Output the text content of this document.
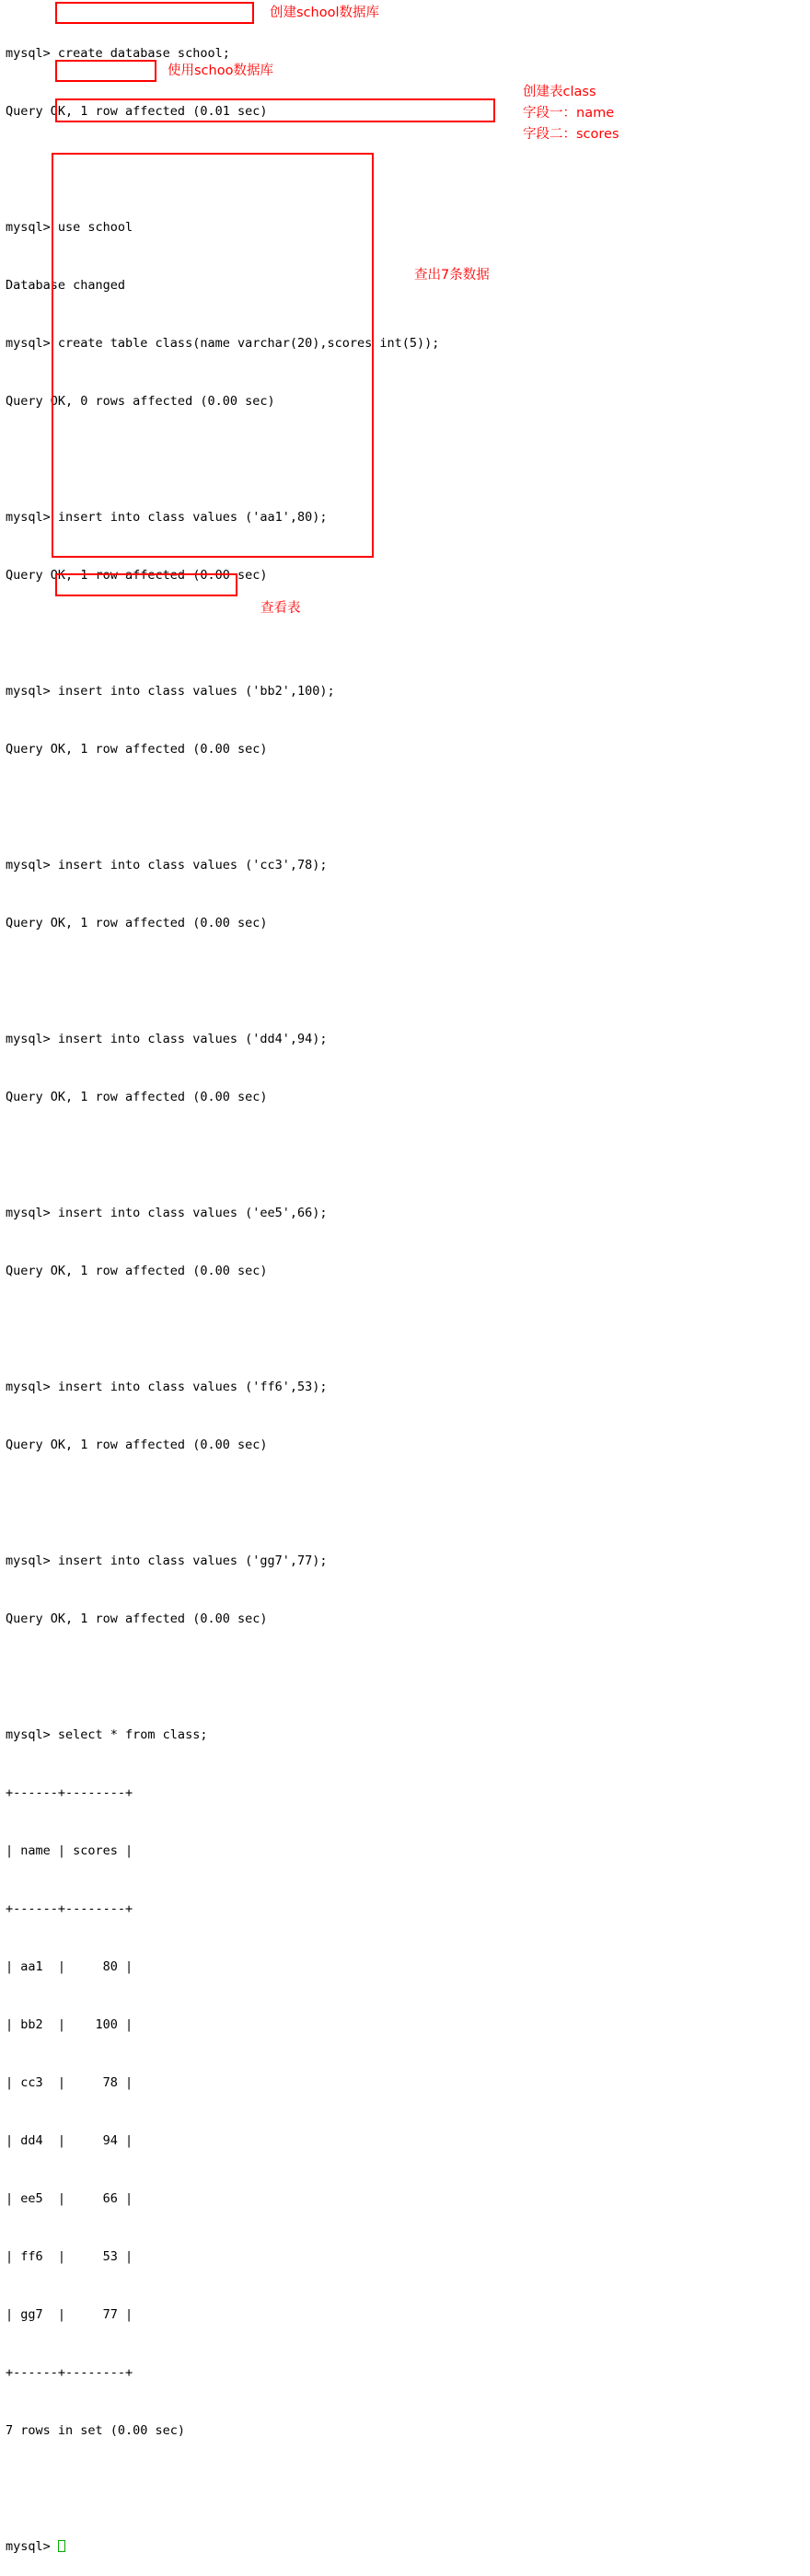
mysql> create database school;

Query OK, 1 row affected (0.01 sec)

mysql> use school

Database changed

mysql> create table class(name varchar(20),scores int(5));

Query OK, 0 rows affected (0.00 sec)

mysql> insert into class values ('aa1',80);

Query OK, 1 row affected (0.00 sec)

mysql> insert into class values ('bb2',100);

Query OK, 1 row affected (0.00 sec)

mysql> insert into class values ('cc3',78);

Query OK, 1 row affected (0.00 sec)

mysql> insert into class values ('dd4',94);

Query OK, 1 row affected (0.00 sec)

mysql> insert into class values ('ee5',66);

Query OK, 1 row affected (0.00 sec)

mysql> insert into class values ('ff6',53);

Query OK, 1 row affected (0.00 sec)

mysql> insert into class values ('gg7',77);

Query OK, 1 row affected (0.00 sec)

mysql> select * from class;

+------+--------+

| name | scores |

+------+--------+

| aa1  |     80 |

| bb2  |    100 |

| cc3  |     78 |

| dd4  |     94 |

| ee5  |     66 |

| ff6  |     53 |

| gg7  |     77 |

+------+--------+

7 rows in set (0.00 sec)

mysql>

创建school数据库
使用schoo数据库
创建表class
字段一：name
字段二：scores
查出7条数据
查看表
